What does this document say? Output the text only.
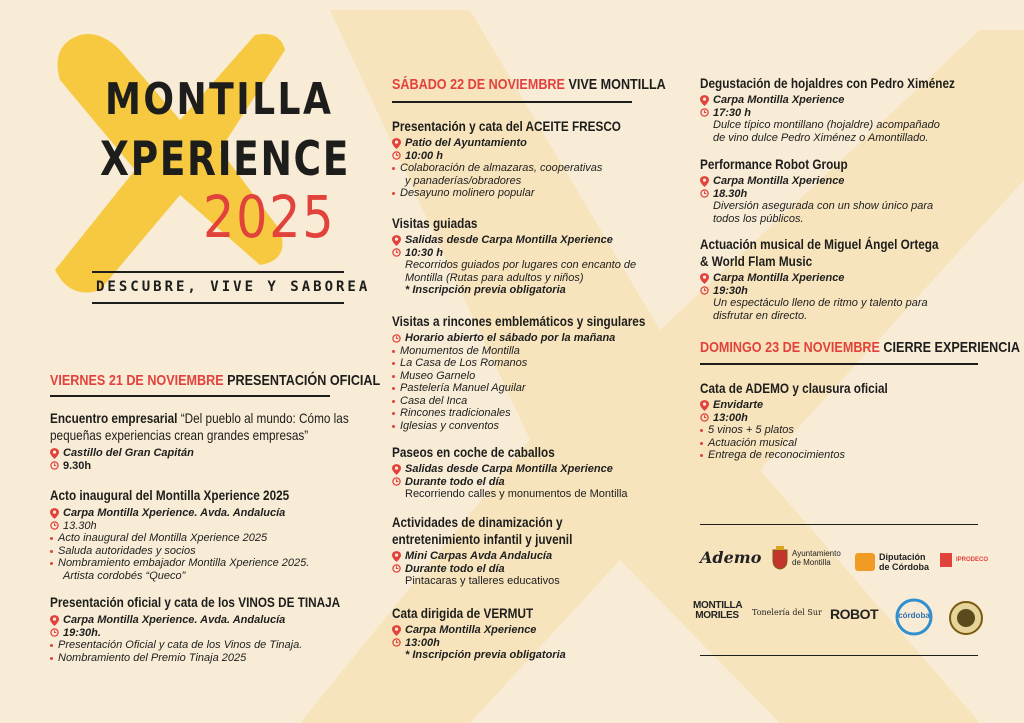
MONTILLA
XPERIENCE
2025
DESCUBRE, VIVE Y SABOREA
VIERNES 21 DE NOVIEMBRE PRESENTACIÓN OFICIAL
Encuentro empresarial “Del pueblo al mundo: Cómo las
pequeñas experiencias crean grandes empresas”
Castillo del Gran Capitán
9.30h
Acto inaugural del Montilla Xperience 2025
Carpa Montilla Xperience. Avda. Andalucía
13.30h
Acto inaugural del Montilla Xperience 2025
Saluda autoridades y socios
Nombramiento embajador Montilla Xperience 2025.
Artista cordobés “Queco”
Presentación oficial y cata de los VINOS DE TINAJA
Carpa Montilla Xperience. Avda. Andalucía
19:30h.
Presentación Oficial y cata de los Vinos de Tinaja.
Nombramiento del Premio Tinaja 2025
SÁBADO 22 DE NOVIEMBRE VIVE MONTILLA
Presentación y cata del ACEITE FRESCO
Patio del Ayuntamiento
10:00 h
Colaboración de almazaras, cooperativas
y panaderías/obradores
Desayuno molinero popular
Visitas guiadas
Salidas desde Carpa Montilla Xperience
10:30 h
Recorridos guiados por lugares con encanto de
Montilla (Rutas para adultos y niños)
* Inscripción previa obligatoria
Visitas a rincones emblemáticos y singulares
Horario abierto el sábado por la mañana
Monumentos de Montilla
La Casa de Los Romanos
Museo Garnelo
Pastelería Manuel Aguilar
Casa del Inca
Rincones tradicionales
Iglesias y conventos
Paseos en coche de caballos
Salidas desde Carpa Montilla Xperience
Durante todo el día
Recorriendo calles y monumentos de Montilla
Actividades de dinamización y
entretenimiento infantil y juvenil
Mini Carpas Avda Andalucía
Durante todo el día
Pintacaras y talleres educativos
Cata dirigida de VERMUT
Carpa Montilla Xperience
13:00h
* Inscripción previa obligatoria
Degustación de hojaldres con Pedro Ximénez
Carpa Montilla Xperience
17:30 h
Dulce típico montillano (hojaldre) acompañado
de vino dulce Pedro Ximénez o Amontillado.
Performance Robot Group
Carpa Montilla Xperience
18.30h
Diversión asegurada con un show único para
todos los públicos.
Actuación musical de Miguel Ángel Ortega
& World Flam Music
Carpa Montilla Xperience
19:30h
Un espectáculo lleno de ritmo y talento para
disfrutar en directo.
DOMINGO 23 DE NOVIEMBRE CIERRE EXPERIENCIA
Cata de ADEMO y clausura oficial
Envidarte
13:00h
5 vinos + 5 platos
Actuación musical
Entrega de reconocimientos
Ademo	Ayuntamiento de Montilla
Diputación de Córdoba
IPRODECO
MONTILLA MORILES Tonelería del Sur ROBOT	córdoba
